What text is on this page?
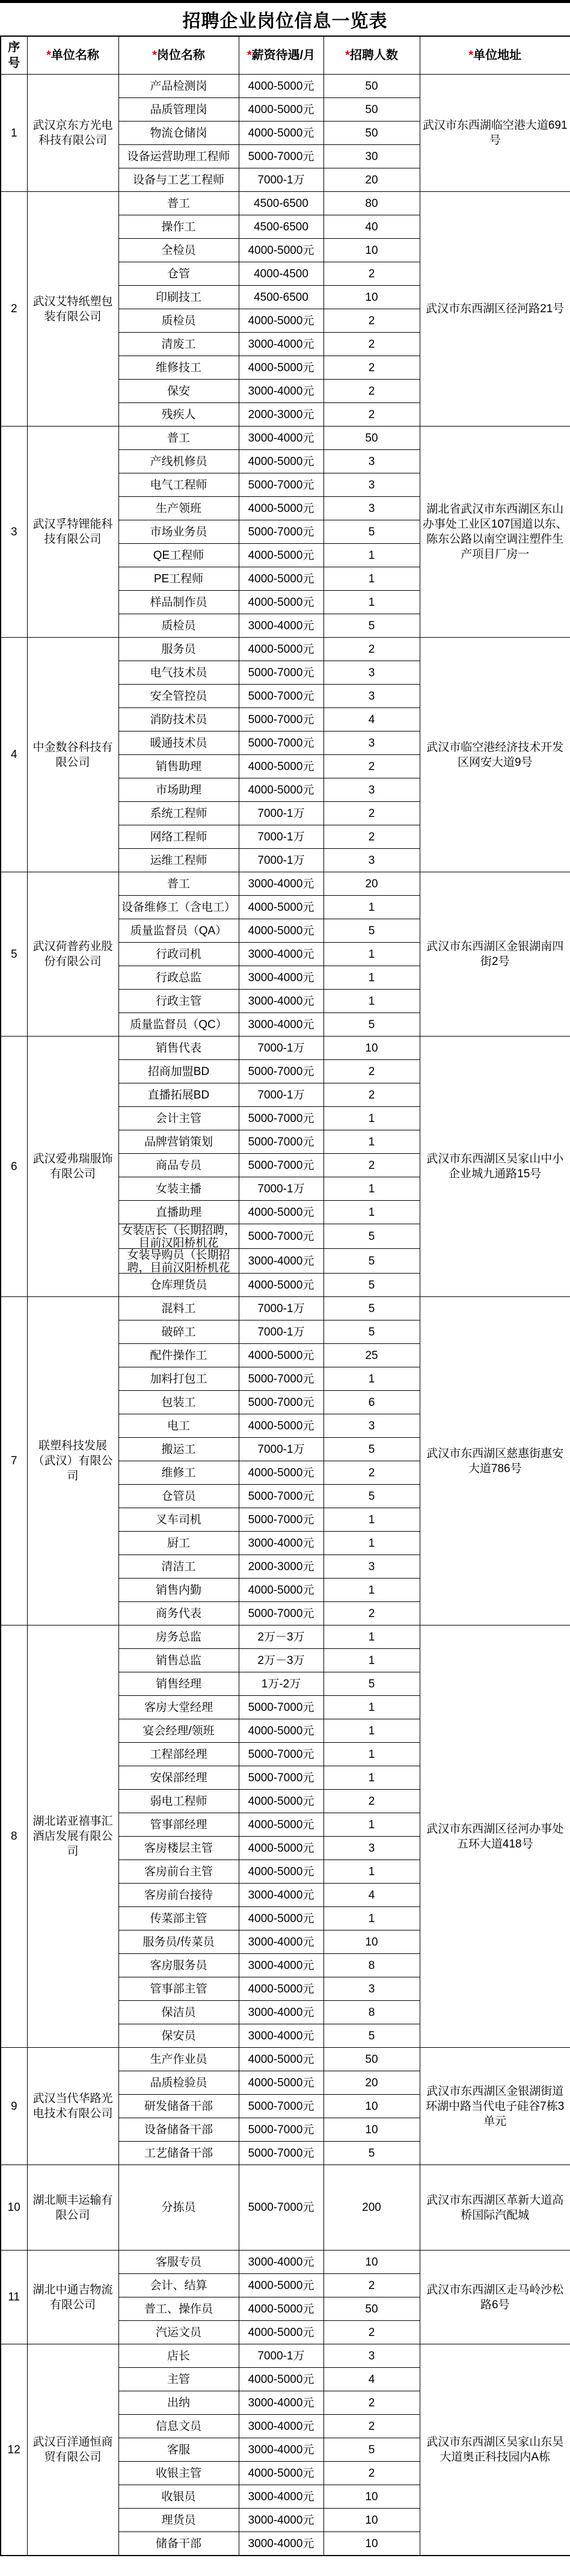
招聘企业岗位信息一览表
序号	*单位名称	*岗位名称	*薪资待遇/月	*招聘人数	*单位地址

1	武汉京东方光电科技有限公司	产品检测岗	4000-5000元	50	武汉市东西湖临空港大道691号

		品质管理岗	4000-5000元	50	

		物流仓储岗	4000-5000元	50	

		设备运营助理工程师	5000-7000元	30	

		设备与工艺工程师	7000-1万	20	

2	武汉艾特纸塑包装有限公司	普工	4500-6500	80	武汉市东西湖区径河路21号

		操作工	4500-6500	40	

		全检员	4000-5000元	10	

		仓管	4000-4500	2	

		印刷技工	4500-6500	10	

		质检员	4000-5000元	2	

		清废工	3000-4000元	2	

		维修技工	4000-5000元	2	

		保安	3000-4000元	2	

		残疾人	2000-3000元	2	

3	武汉孚特锂能科技有限公司	普工	3000-4000元	50	湖北省武汉市东西湖区东山办事处工业区107国道以东、陈东公路以南空调注塑件生产项目厂房一

		产线机修员	4000-5000元	3	

		电气工程师	5000-7000元	3	

		生产领班	4000-5000元	3	

		市场业务员	5000-7000元	5	

		QE工程师	4000-5000元	1	

		PE工程师	4000-5000元	1	

		样品制作员	4000-5000元	1	

		质检员	3000-4000元	5	

4	中金数谷科技有限公司	服务员	4000-5000元	2	武汉市临空港经济技术开发区网安大道9号

		电气技术员	5000-7000元	3	

		安全管控员	5000-7000元	3	

		消防技术员	5000-7000元	4	

		暖通技术员	5000-7000元	3	

		销售助理	4000-5000元	2	

		市场助理	4000-5000元	3	

		系统工程师	7000-1万	2	

		网络工程师	7000-1万	2	

		运维工程师	7000-1万	3	

5	武汉荷普药业股份有限公司	普工	3000-4000元	20	武汉市东西湖区金银湖南四街2号

		设备维修工（含电工）	4000-5000元	1	

		质量监督员（QA）	4000-5000元	5	

		行政司机	3000-4000元	1	

		行政总监	3000-4000元	1	

		行政主管	3000-4000元	1	

		质量监督员（QC）	3000-4000元	5	

6	武汉爱弗瑞服饰有限公司	销售代表	7000-1万	10	武汉市东西湖区吴家山中小企业城九通路15号

		招商加盟BD	5000-7000元	2	

		直播拓展BD	7000-1万	2	

		会计主管	5000-7000元	1	

		品牌营销策划	5000-7000元	1	

		商品专员	5000-7000元	2	

		女装主播	7000-1万	1	

		直播助理	4000-5000元	1	

		女装店长（长期招聘，目前汉阳桥机花	5000-7000元	5	

		女装导购员（长期招聘，目前汉阳桥机花	3000-4000元	5	

		仓库理货员	4000-5000元	5	

7	联塑科技发展（武汉）有限公司	混料工	7000-1万	5	武汉市东西湖区慈惠街惠安大道786号

		破碎工	7000-1万	5	

		配件操作工	4000-5000元	25	

		加料打包工	5000-7000元	1	

		包装工	5000-7000元	6	

		电工	4000-5000元	3	

		搬运工	7000-1万	5	

		维修工	4000-5000元	2	

		仓管员	5000-7000元	5	

		叉车司机	5000-7000元	1	

		厨工	3000-4000元	1	

		清洁工	2000-3000元	3	

		销售内勤	4000-5000元	1	

		商务代表	5000-7000元	2	

8	湖北诺亚禧事汇酒店发展有限公司	房务总监	2万－3万	1	武汉市东西湖区径河办事处五环大道418号

		销售总监	2万－3万	1	

		销售经理	1万-2万	5	

		客房大堂经理	5000-7000元	1	

		宴会经理/领班	4000-5000元	1	

		工程部经理	5000-7000元	1	

		安保部经理	5000-7000元	1	

		弱电工程师	4000-5000元	2	

		管事部经理	4000-5000元	1	

		客房楼层主管	4000-5000元	3	

		客房前台主管	4000-5000元	1	

		客房前台接待	3000-4000元	4	

		传菜部主管	4000-5000元	1	

		服务员/传菜员	3000-4000元	10	

		客房服务员	3000-4000元	8	

		管事部主管	4000-5000元	3	

		保洁员	3000-4000元	8	

		保安员	3000-4000元	5	

9	武汉当代华路光电技术有限公司	生产作业员	4000-5000元	50	武汉市东西湖区金银湖街道环湖中路当代电子硅谷7栋3单元

		品质检验员	4000-5000元	20	

		研发储备干部	5000-7000元	10	

		设备储备干部	5000-7000元	10	

		工艺储备干部	5000-7000元	5	

10	湖北顺丰运输有限公司	分拣员	5000-7000元	200	武汉市东西湖区革新大道高桥国际汽配城

11	湖北中通吉物流有限公司	客服专员	3000-4000元	10	武汉市东西湖区走马岭沙松路6号

		会计、结算	4000-5000元	2	

		普工、操作员	4000-5000元	50	

		汽运文员	4000-5000元	2	

12	武汉百洋通恒商贸有限公司	店长	7000-1万	3	武汉市东西湖区吴家山东吴大道奥正科技园内A栋

		主管	4000-5000元	4	

		出纳	3000-4000元	2	

		信息文员	3000-4000元	2	

		客服	3000-4000元	5	

		收银主管	4000-5000元	2	

		收银员	3000-4000元	10	

		理货员	3000-4000元	10	

		储备干部	3000-4000元	10	
